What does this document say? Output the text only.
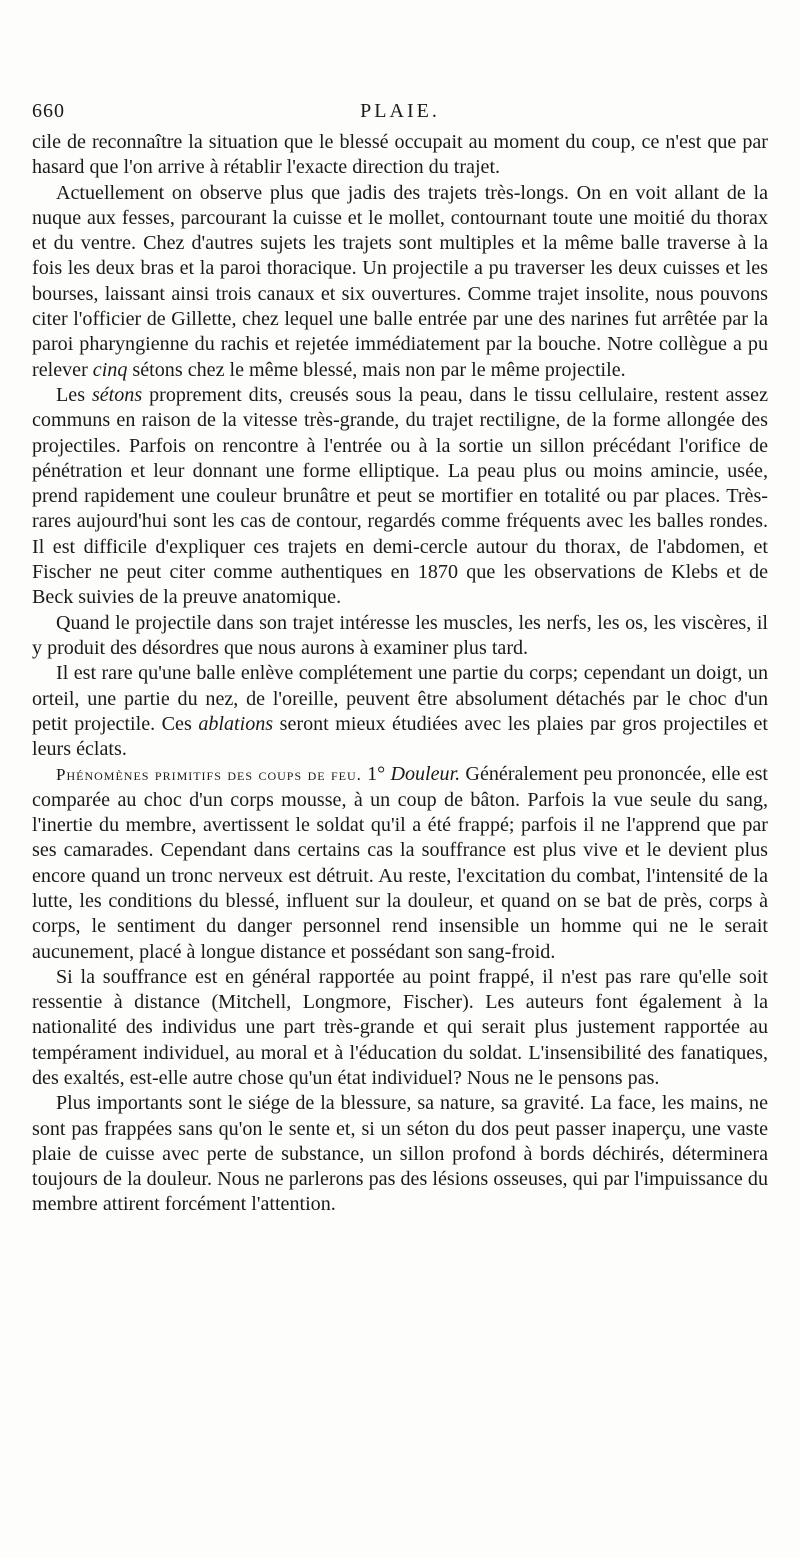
660	PLAIE.

cile de reconnaître la situation que le blessé occupait au moment du coup, ce n'est que par hasard que l'on arrive à rétablir l'exacte direction du trajet.

Actuellement on observe plus que jadis des trajets très-longs. On en voit allant de la nuque aux fesses, parcourant la cuisse et le mollet, contournant toute une moitié du thorax et du ventre. Chez d'autres sujets les trajets sont multiples et la même balle traverse à la fois les deux bras et la paroi thoracique. Un projectile a pu traverser les deux cuisses et les bourses, laissant ainsi trois canaux et six ouvertures. Comme trajet insolite, nous pouvons citer l'officier de Gillette, chez lequel une balle entrée par une des narines fut arrêtée par la paroi pharyngienne du rachis et rejetée immédiatement par la bouche. Notre collègue a pu relever cinq sétons chez le même blessé, mais non par le même projectile.

Les sétons proprement dits, creusés sous la peau, dans le tissu cellulaire, restent assez communs en raison de la vitesse très-grande, du trajet rectiligne, de la forme allongée des projectiles. Parfois on rencontre à l'entrée ou à la sortie un sillon précédant l'orifice de pénétration et leur donnant une forme elliptique. La peau plus ou moins amincie, usée, prend rapidement une couleur brunâtre et peut se mortifier en totalité ou par places. Très-rares aujourd'hui sont les cas de contour, regardés comme fréquents avec les balles rondes. Il est difficile d'expliquer ces trajets en demi-cercle autour du thorax, de l'abdomen, et Fischer ne peut citer comme authentiques en 1870 que les observations de Klebs et de Beck suivies de la preuve anatomique.

Quand le projectile dans son trajet intéresse les muscles, les nerfs, les os, les viscères, il y produit des désordres que nous aurons à examiner plus tard.

Il est rare qu'une balle enlève complétement une partie du corps; cependant un doigt, un orteil, une partie du nez, de l'oreille, peuvent être absolument détachés par le choc d'un petit projectile. Ces ablations seront mieux étudiées avec les plaies par gros projectiles et leurs éclats.

Phénomènes primitifs des coups de feu. 1° Douleur. Généralement peu prononcée, elle est comparée au choc d'un corps mousse, à un coup de bâton. Parfois la vue seule du sang, l'inertie du membre, avertissent le soldat qu'il a été frappé; parfois il ne l'apprend que par ses camarades. Cependant dans certains cas la souffrance est plus vive et le devient plus encore quand un tronc nerveux est détruit. Au reste, l'excitation du combat, l'intensité de la lutte, les conditions du blessé, influent sur la douleur, et quand on se bat de près, corps à corps, le sentiment du danger personnel rend insensible un homme qui ne le serait aucunement, placé à longue distance et possédant son sang-froid.

Si la souffrance est en général rapportée au point frappé, il n'est pas rare qu'elle soit ressentie à distance (Mitchell, Longmore, Fischer). Les auteurs font également à la nationalité des individus une part très-grande et qui serait plus justement rapportée au tempérament individuel, au moral et à l'éducation du soldat. L'insensibilité des fanatiques, des exaltés, est-elle autre chose qu'un état individuel? Nous ne le pensons pas.

Plus importants sont le siége de la blessure, sa nature, sa gravité. La face, les mains, ne sont pas frappées sans qu'on le sente et, si un séton du dos peut passer inaperçu, une vaste plaie de cuisse avec perte de substance, un sillon profond à bords déchirés, déterminera toujours de la douleur. Nous ne parlerons pas des lésions osseuses, qui par l'impuissance du membre attirent forcément l'attention.
